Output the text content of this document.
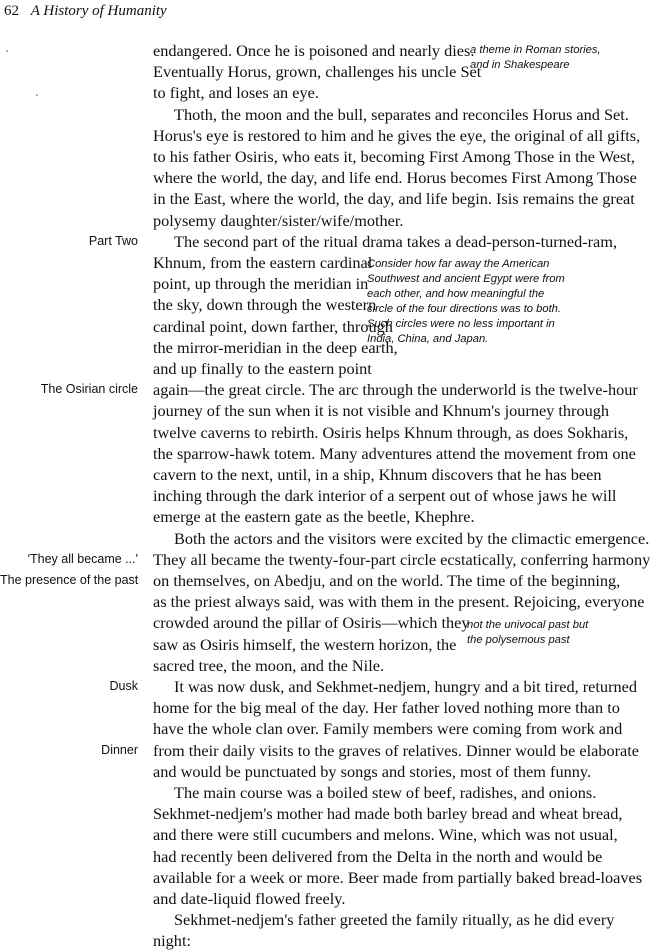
62 A History of Humanity
Part Two
The Osirian circle
'They all became ...'
The presence of the past
Dusk
Dinner
a theme in Roman stories,
and in Shakespeare
Consider how far away the American
Southwest and ancient Egypt were from
each other, and how meaningful the
circle of the four directions was to both.
Such circles were no less important in
India, China, and Japan.
not the univocal past but
the polysemous past
endangered. Once he is poisoned and nearly dies.
Eventually Horus, grown, challenges his uncle Set
to fight, and loses an eye.
Thoth, the moon and the bull, separates and reconciles Horus and Set.
Horus's eye is restored to him and he gives the eye, the original of all gifts,
to his father Osiris, who eats it, becoming First Among Those in the West,
where the world, the day, and life end. Horus becomes First Among Those
in the East, where the world, the day, and life begin. Isis remains the great
polysemy daughter/sister/wife/mother.
The second part of the ritual drama takes a dead-person-turned-ram,
Khnum, from the eastern cardinal
point, up through the meridian in
the sky, down through the western
cardinal point, down farther, through
the mirror-meridian in the deep earth,
and up finally to the eastern point
again—the great circle. The arc through the underworld is the twelve-hour
journey of the sun when it is not visible and Khnum's journey through
twelve caverns to rebirth. Osiris helps Khnum through, as does Sokharis,
the sparrow-hawk totem. Many adventures attend the movement from one
cavern to the next, until, in a ship, Khnum discovers that he has been
inching through the dark interior of a serpent out of whose jaws he will
emerge at the eastern gate as the beetle, Khephre.
Both the actors and the visitors were excited by the climactic emergence.
They all became the twenty-four-part circle ecstatically, conferring harmony
on themselves, on Abedju, and on the world. The time of the beginning,
as the priest always said, was with them in the present. Rejoicing, everyone
crowded around the pillar of Osiris—which they
saw as Osiris himself, the western horizon, the
sacred tree, the moon, and the Nile.
It was now dusk, and Sekhmet-nedjem, hungry and a bit tired, returned
home for the big meal of the day. Her father loved nothing more than to
have the whole clan over. Family members were coming from work and
from their daily visits to the graves of relatives. Dinner would be elaborate
and would be punctuated by songs and stories, most of them funny.
The main course was a boiled stew of beef, radishes, and onions.
Sekhmet-nedjem's mother had made both barley bread and wheat bread,
and there were still cucumbers and melons. Wine, which was not usual,
had recently been delivered from the Delta in the north and would be
available for a week or more. Beer made from partially baked bread-loaves
and date-liquid flowed freely.
Sekhmet-nedjem's father greeted the family ritually, as he did every
night:
